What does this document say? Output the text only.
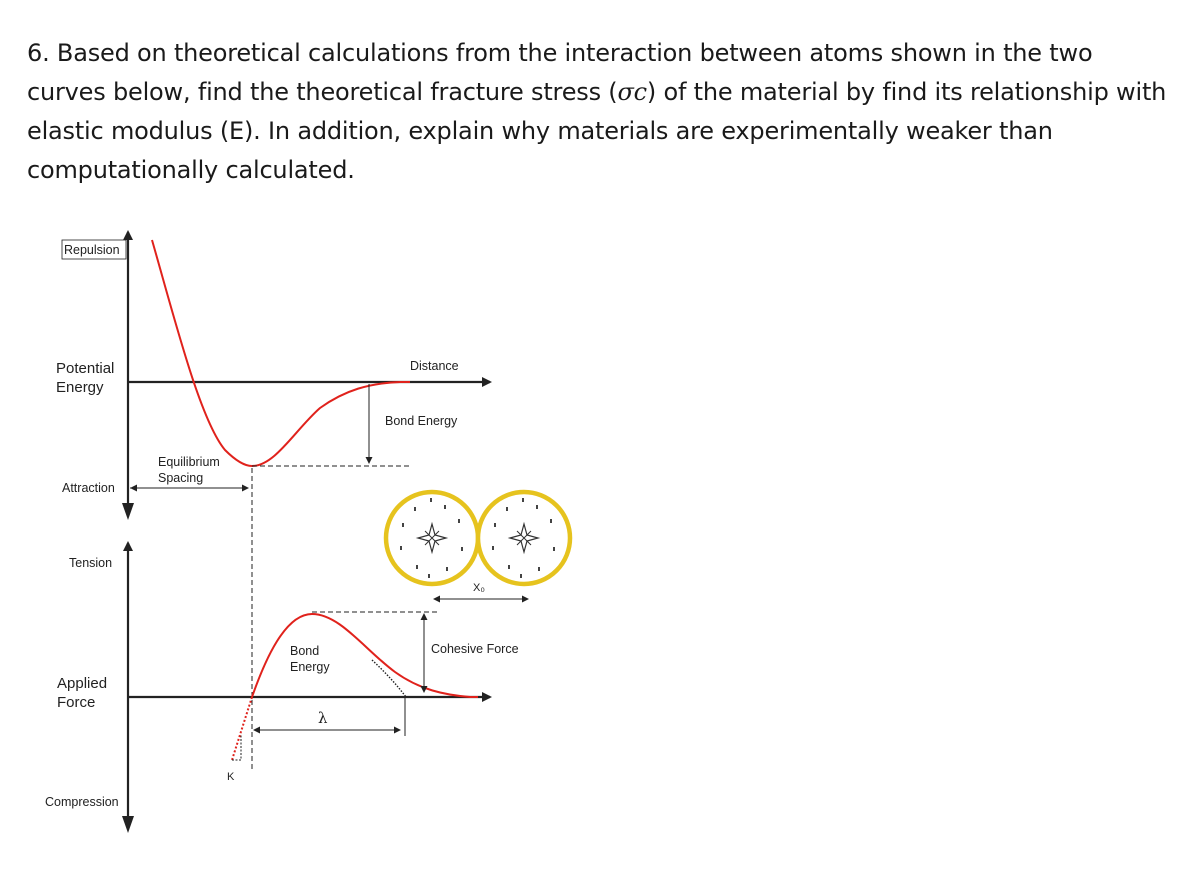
6. Based on theoretical calculations from the interaction between atoms shown in the two curves below, find the theoretical fracture stress (σc) of the material by find its relationship with elastic modulus (E). In addition, explain why materials are experimentally weaker than computationally calculated.

Repulsion
Potential
Energy
Attraction
Distance
Bond Energy
Equilibrium
Spacing
X₀
Tension
Applied
Force
Compression
K
Cohesive Force
Bond
Energy
λ
